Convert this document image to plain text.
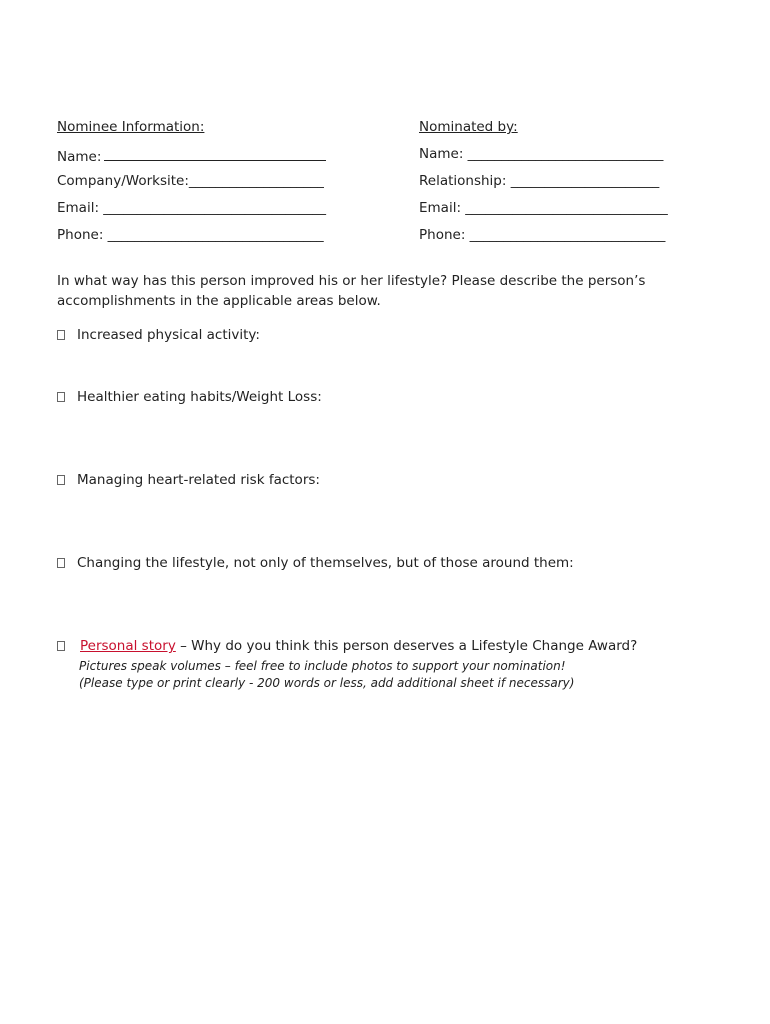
Nominee Information:
Name:
Company/Worksite:____________________
Email: _________________________________
Phone: ________________________________
Nominated by:
Name: _____________________________
Relationship: ______________________
Email: ______________________________
Phone: _____________________________
In what way has this person improved his or her lifestyle? Please describe the person’s accomplishments in the applicable areas below.
Increased physical activity:
Healthier eating habits/Weight Loss:
Managing heart-related risk factors:
Changing the lifestyle, not only of themselves, but of those around them:
Personal story – Why do you think this person deserves a Lifestyle Change Award?
Pictures speak volumes – feel free to include photos to support your nomination!
(Please type or print clearly - 200 words or less, add additional sheet if necessary)
